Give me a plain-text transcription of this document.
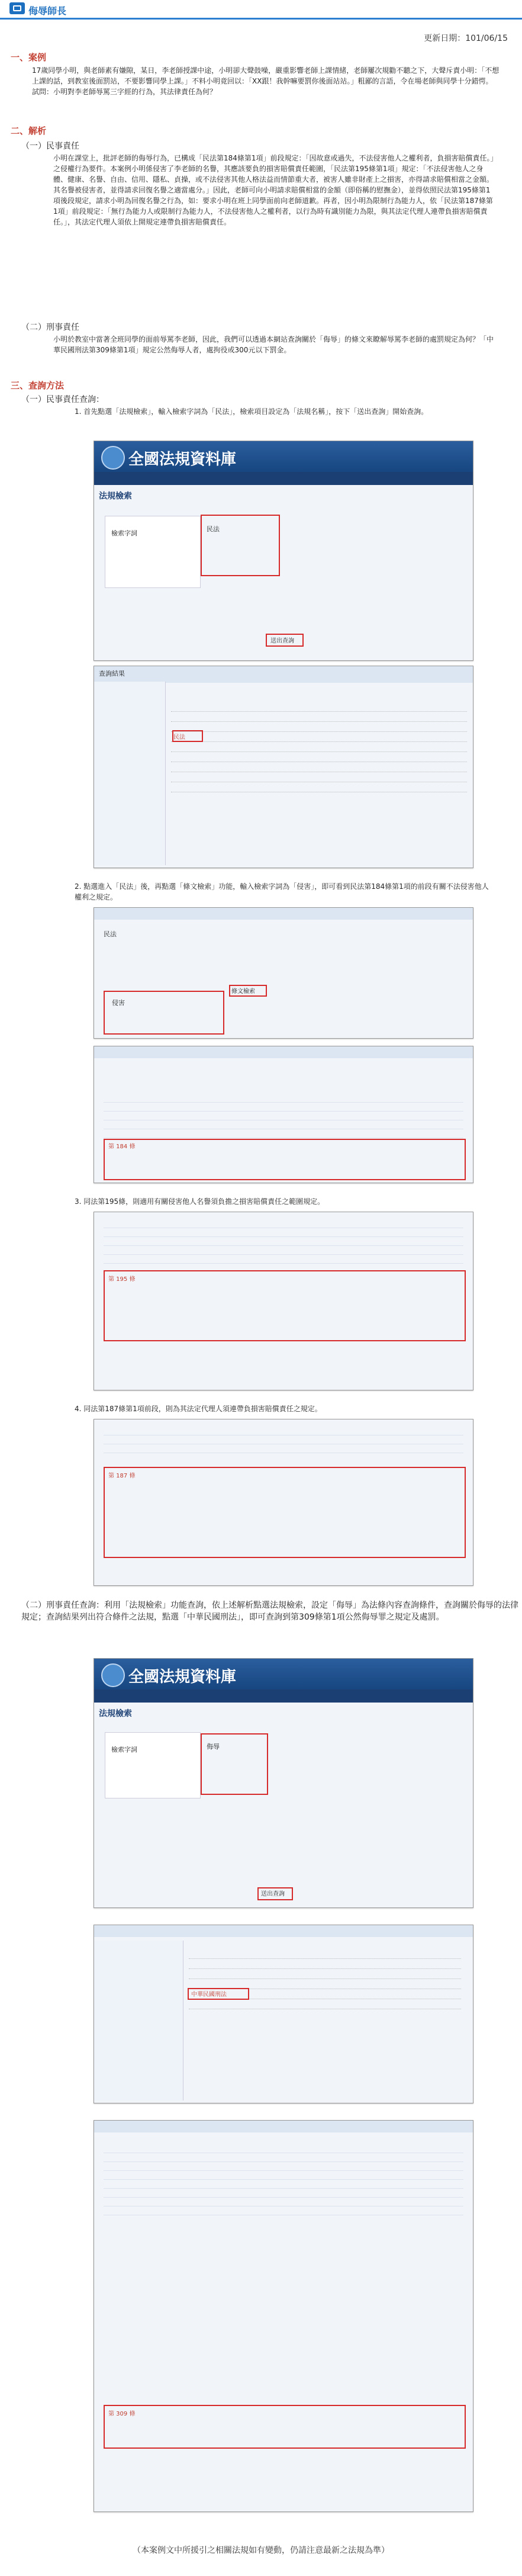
侮辱師長
更新日期：101/06/15
一、案例
17歲同學小明，與老師素有嫌隙，某日，李老師授課中途，小明卻大聲鼓噪，嚴重影響老師上課情緒，老師屢次規勸不聽之下，大聲斥責小明：「不想上課的話，到教室後面罰站，不要影響同學上課。」不料小明竟回以：「XX跟！我幹嘛要罰你後面站站。」粗鄙的言語，令在場老師與同學十分錯愕。試問：小明對李老師辱罵三字經的行為，其法律責任為何？
二、解析
（一）民事責任
小明在課堂上，批評老師的侮辱行為，已構成「民法第184條第1項」前段規定：「因故意或過失，不法侵害他人之權利者，負損害賠償責任。」之侵權行為要件。本案例小明係侵害了李老師的名譽，其應該要負的損害賠償責任範圍，「民法第195條第1項」規定：「不法侵害他人之身體、健康、名譽、自由、信用、隱私、貞操，或不法侵害其他人格法益而情節重大者，被害人雖非財產上之損害，亦得請求賠償相當之金額。其名譽被侵害者，並得請求回復名譽之適當處分。」因此，老師可向小明請求賠償相當的金額（即俗稱的慰撫金），並得依照民法第195條第1項後段規定，請求小明為回復名譽之行為，如：要求小明在班上同學面前向老師道歉。再者，因小明為限制行為能力人，依「民法第187條第1項」前段規定：「無行為能力人或限制行為能力人，不法侵害他人之權利者，以行為時有識別能力為限，與其法定代理人連帶負損害賠償責任。」，其法定代理人須依上開規定連帶負損害賠償責任。
（二）刑事責任
小明於教室中當著全班同學的面前辱罵李老師，因此，我們可以透過本網站查詢關於「侮辱」的條文來瞭解辱罵李老師的處罰規定為何？「中華民國刑法第309條第1項」規定公然侮辱人者，處拘役或300元以下罰金。
三、查詢方法
（一）民事責任查詢：
1. 首先點選「法規檢索」，輸入檢索字詞為「民法」，檢索項目設定為「法規名稱」，按下「送出查詢」開始查詢。
全國法規資料庫
法規檢索
檢索字詞
民法
送出查詢
查詢結果
民法
2. 點選進入「民法」後，再點選「條文檢索」功能，輸入檢索字詞為「侵害」，即可看到民法第184條第1項的前段有關不法侵害他人權利之規定。
民法
條文檢索
侵害
第 184 條
3. 同法第195條，則適用有關侵害他人名譽須負擔之損害賠償責任之範圍規定。
第 195 條
4. 同法第187條第1項前段，則為其法定代理人須連帶負損害賠償責任之規定。
第 187 條
（二）刑事責任查詢：利用「法規檢索」功能查詢，依上述解析點選法規檢索，設定「侮辱」為法條內容查詢條件，查詢關於侮辱的法律規定；查詢結果列出符合條件之法規，點選「中華民國刑法」，即可查詢到第309條第1項公然侮辱罪之規定及處罰。
全國法規資料庫
法規檢索
檢索字詞	侮辱
送出查詢
中華民國刑法
第 309 條
（本案例文中所援引之相關法規如有變動，仍請注意最新之法規為準）
